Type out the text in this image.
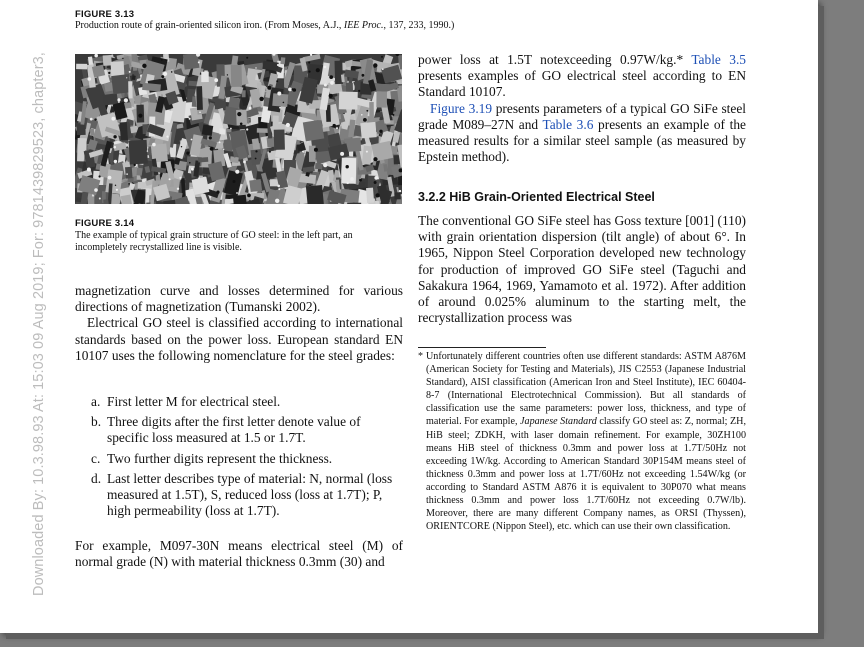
Downloaded By: 10.3.98.93 At: 15:03 09 Aug 2019; For: 9781439829523, chapter3,
FIGURE 3.13
Production route of grain-oriented silicon iron. (From Moses, A.J., IEE Proc., 137, 233, 1990.)
FIGURE 3.14
The example of typical grain structure of GO steel: in the left part, an incompletely recrystallized line is visible.

magnetization curve and losses determined for various directions of magnetization (Tumanski 2002).

Electrical GO steel is classified according to international standards based on the power loss. European standard EN 10107 uses the following nomenclature for the steel grades:

a. First letter M for electrical steel.
b. Three digits after the first letter denote value of specific loss measured at 1.5 or 1.7T.
c. Two further digits represent the thickness.
d. Last letter describes type of material: N, normal (loss measured at 1.5T), S, reduced loss (loss at 1.7T); P, high permeability (loss at 1.7T).

For example, M097-30N means electrical steel (M) of normal grade (N) with material thickness 0.3mm (30) and

power loss at 1.5T notexceeding 0.97W/kg.* Table 3.5 presents examples of GO electrical steel according to EN Standard 10107.

Figure 3.19 presents parameters of a typical GO SiFe steel grade M089–27N and Table 3.6 presents an example of the measured results for a similar steel sample (as measured by Epstein method).

3.2.2 HiB Grain-Oriented Electrical Steel

The conventional GO SiFe steel has Goss texture [001] (110) with grain orientation dispersion (tilt angle) of about 6°. In 1965, Nippon Steel Corporation developed new technology for production of improved GO SiFe steel (Taguchi and Sakakura 1964, 1969, Yamamoto et al. 1972). After addition of around 0.025% aluminum to the starting melt, the recrystallization process was

* Unfortunately different countries often use different standards: ASTM A876M (American Society for Testing and Materials), JIS C2553 (Japanese Industrial Standard), AISI classification (American Iron and Steel Institute), IEC 60404-8-7 (International Electrotechnical Commission). But all standards of classification use the same parameters: power loss, thickness, and type of material. For example, Japanese Standard classify GO steel as: Z, normal; ZH, HiB steel; ZDKH, with laser domain refinement. For example, 30ZH100 means HiB steel of thickness 0.3mm and power loss at 1.7T/50Hz not exceeding 1W/kg. According to American Standard 30P154M means steel of thickness 0.3mm and power loss at 1.7T/60Hz not exceeding 1.54W/kg (or according to Standard ASTM A876 it is equivalent to 30P070 what means thickness 0.3mm and power loss 1.7T/60Hz not exceeding 0.7W/lb). Moreover, there are many different Company names, as ORSI (Thyssen), ORIENTCORE (Nippon Steel), etc. which can use their own classification.
